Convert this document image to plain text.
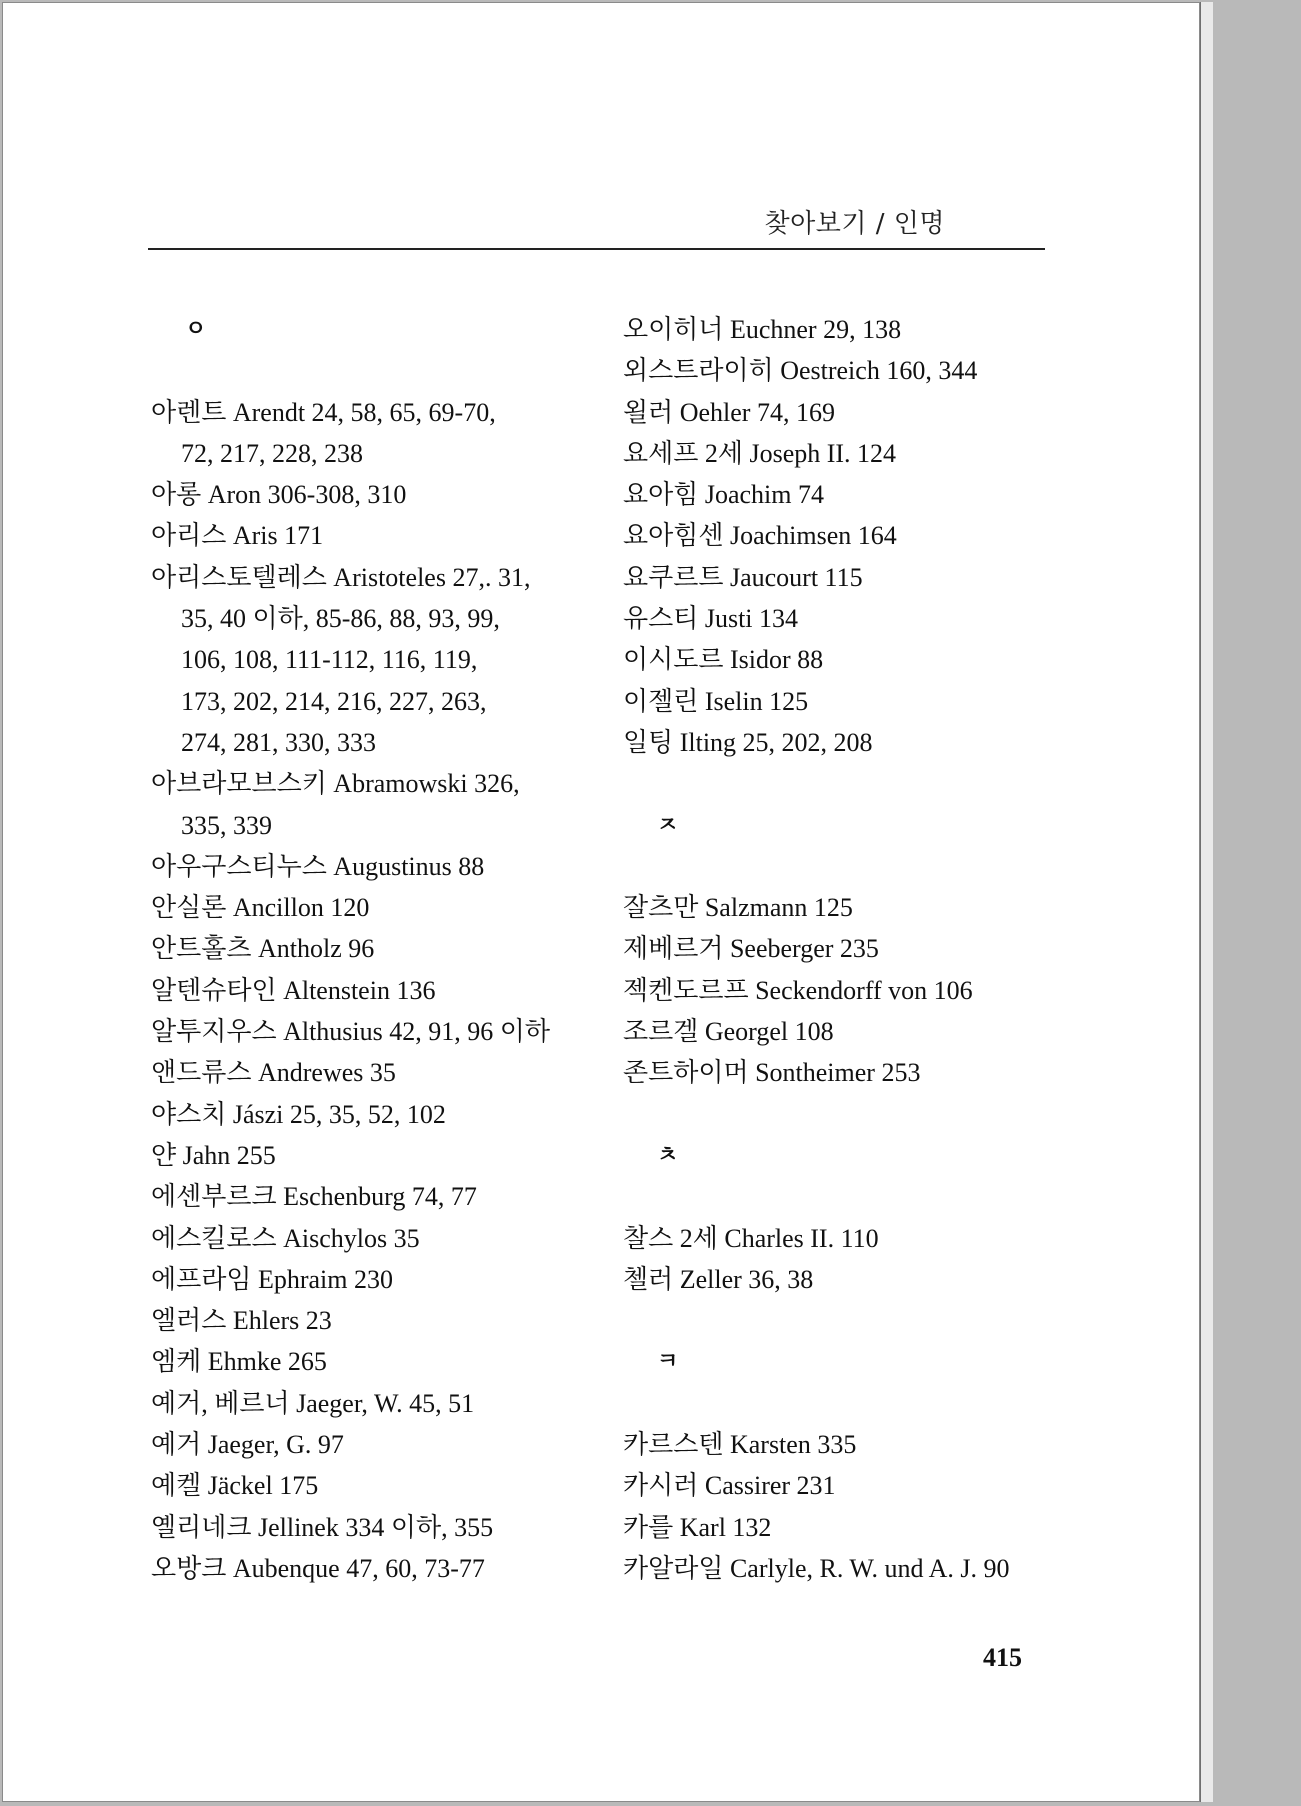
찾아보기 / 인명
ㅇ
아렌트 Arendt 24, 58, 65, 69-70,
72, 217, 228, 238
아롱 Aron 306-308, 310
아리스 Aris 171
아리스토텔레스 Aristoteles 27,. 31,
35, 40 이하, 85-86, 88, 93, 99,
106, 108, 111-112, 116, 119,
173, 202, 214, 216, 227, 263,
274, 281, 330, 333
아브라모브스키 Abramowski 326,
335, 339
아우구스티누스 Augustinus 88
안실론 Ancillon 120
안트홀츠 Antholz 96
알텐슈타인 Altenstein 136
알투지우스 Althusius 42, 91, 96 이하
앤드류스 Andrewes 35
야스치 Jászi 25, 35, 52, 102
얀 Jahn 255
에센부르크 Eschenburg 74, 77
에스킬로스 Aischylos 35
에프라임 Ephraim 230
엘러스 Ehlers 23
엠케 Ehmke 265
예거, 베르너 Jaeger, W. 45, 51
예거 Jaeger, G. 97
예켈 Jäckel 175
옐리네크 Jellinek 334 이하, 355
오방크 Aubenque 47, 60, 73-77
오이히너 Euchner 29, 138
외스트라이히 Oestreich 160, 344
욀러 Oehler 74, 169
요세프 2세 Joseph II. 124
요아힘 Joachim 74
요아힘센 Joachimsen 164
요쿠르트 Jaucourt 115
유스티 Justi 134
이시도르 Isidor 88
이젤린 Iselin 125
일팅 Ilting 25, 202, 208
ㅈ
잘츠만 Salzmann 125
제베르거 Seeberger 235
젝켄도르프 Seckendorff von 106
조르겔 Georgel 108
존트하이머 Sontheimer 253
ㅊ
찰스 2세 Charles II. 110
첼러 Zeller 36, 38
ㅋ
카르스텐 Karsten 335
카시러 Cassirer 231
카를 Karl 132
카알라일 Carlyle, R. W. und A. J. 90
415
